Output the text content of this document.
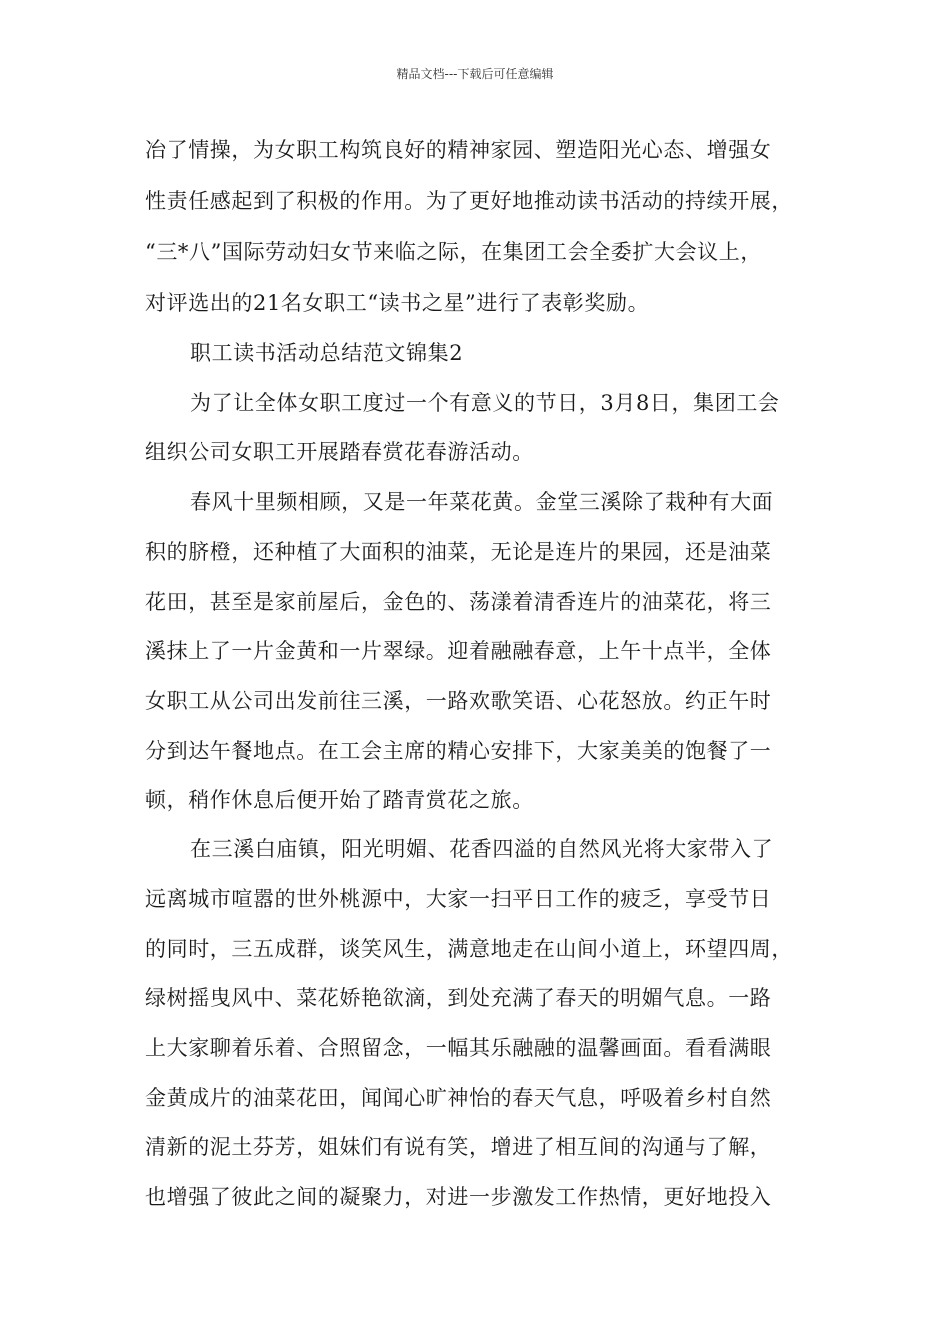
精品文档---下载后可任意编辑
冶了情操，为女职工构筑良好的精神家园、塑造阳光心态、增强女
性责任感起到了积极的作用。为了更好地推动读书活动的持续开展，
“三*八”国际劳动妇女节来临之际，在集团工会全委扩大会议上，
对评选出的21名女职工“读书之星”进行了表彰奖励。
职工读书活动总结范文锦集2
为了让全体女职工度过一个有意义的节日，3月8日，集团工会
组织公司女职工开展踏春赏花春游活动。
春风十里频相顾，又是一年菜花黄。金堂三溪除了栽种有大面
积的脐橙，还种植了大面积的油菜，无论是连片的果园，还是油菜
花田，甚至是家前屋后，金色的、荡漾着清香连片的油菜花，将三
溪抹上了一片金黄和一片翠绿。迎着融融春意，上午十点半，全体
女职工从公司出发前往三溪，一路欢歌笑语、心花怒放。约正午时
分到达午餐地点。在工会主席的精心安排下，大家美美的饱餐了一
顿，稍作休息后便开始了踏青赏花之旅。
在三溪白庙镇，阳光明媚、花香四溢的自然风光将大家带入了
远离城市喧嚣的世外桃源中，大家一扫平日工作的疲乏，享受节日
的同时，三五成群，谈笑风生，满意地走在山间小道上，环望四周，
绿树摇曳风中、菜花娇艳欲滴，到处充满了春天的明媚气息。一路
上大家聊着乐着、合照留念，一幅其乐融融的温馨画面。看看满眼
金黄成片的油菜花田，闻闻心旷神怡的春天气息，呼吸着乡村自然
清新的泥土芬芳，姐妹们有说有笑，增进了相互间的沟通与了解，
也增强了彼此之间的凝聚力，对进一步激发工作热情，更好地投入
